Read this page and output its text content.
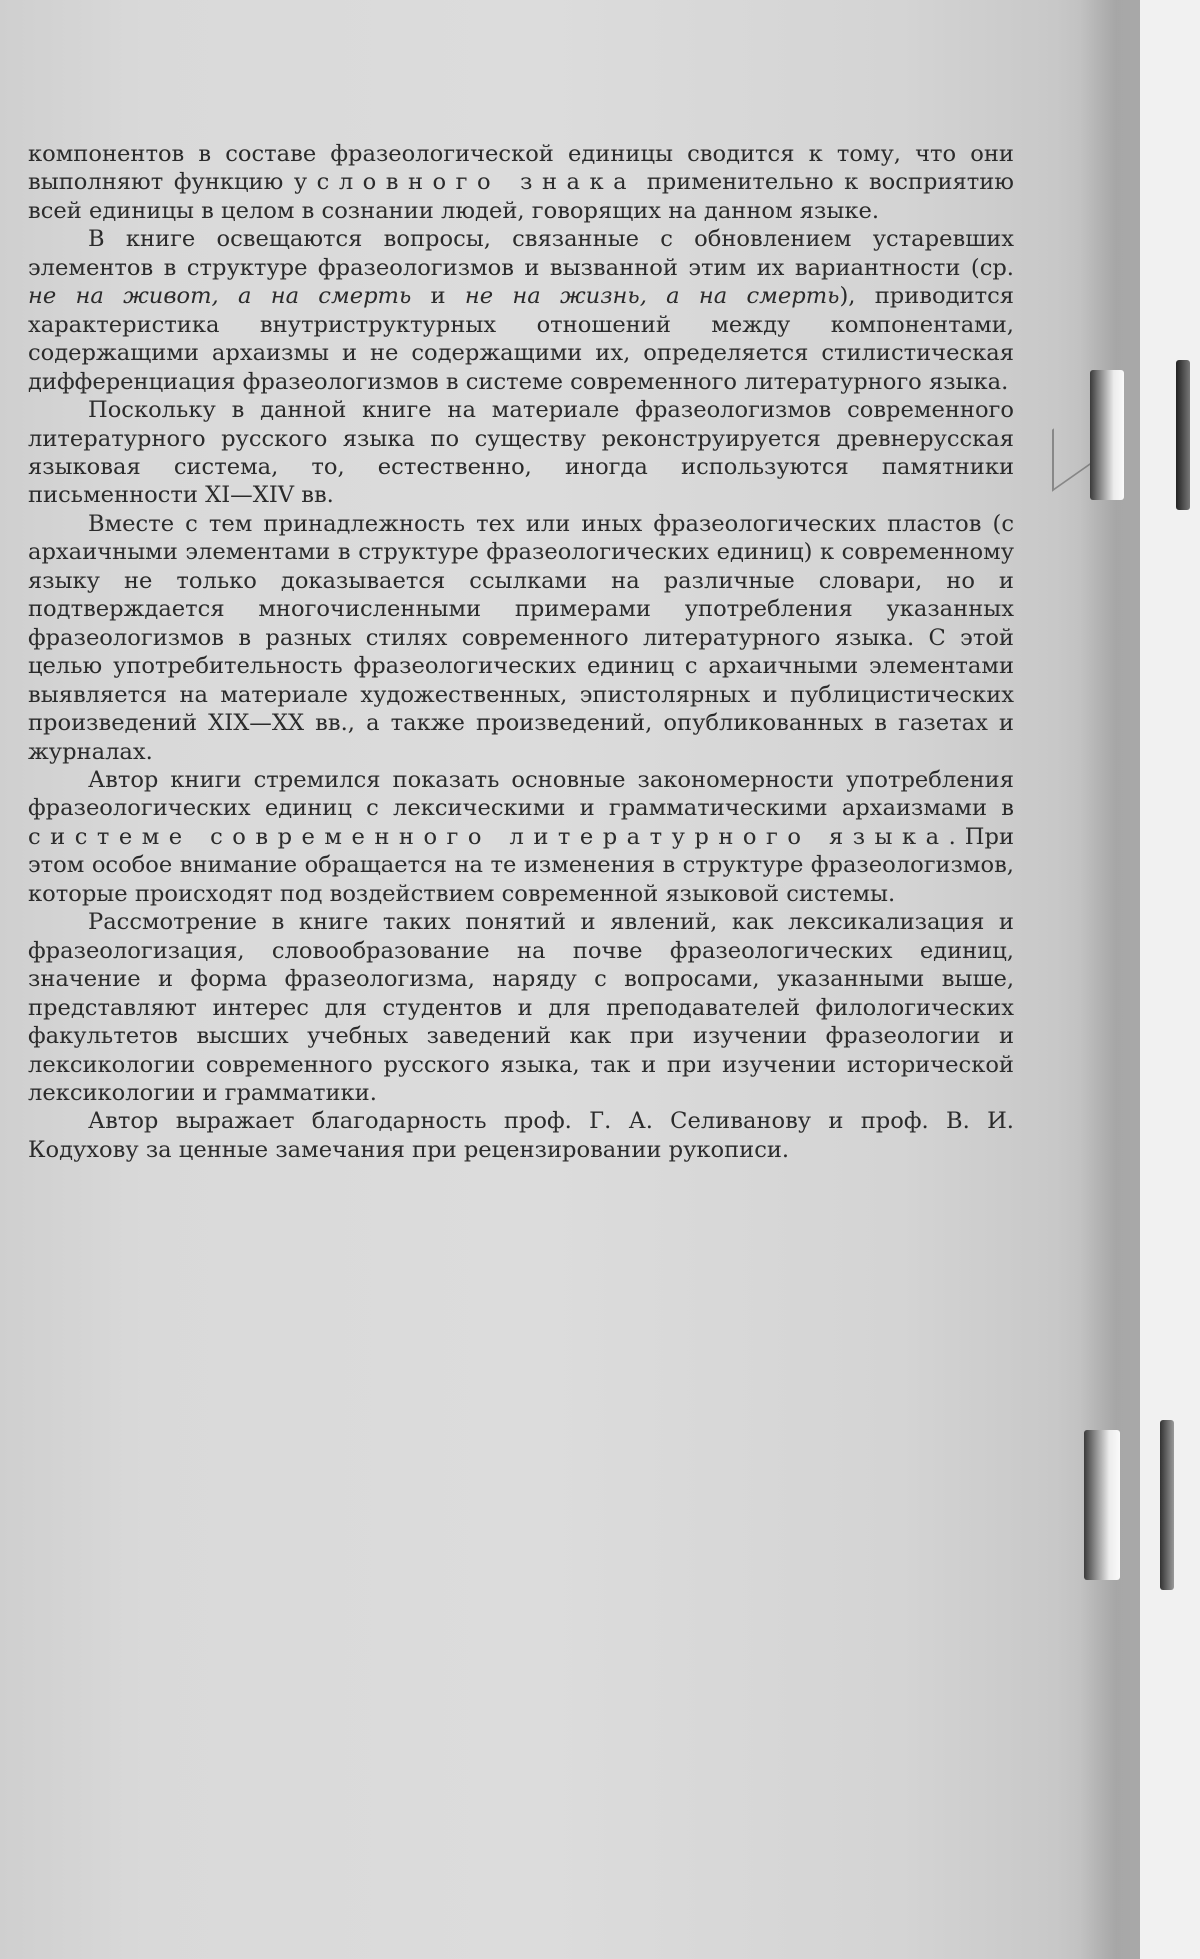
компонентов в составе фразеологической единицы сводится к тому, что они выполняют функцию условного знака применительно к восприятию всей единицы в целом в сознании людей, говорящих на данном языке.

В книге освещаются вопросы, связанные с обновлением устаревших элементов в структуре фразеологизмов и вызванной этим их вариантности (ср. не на живот, а на смерть и не на жизнь, а на смерть), приводится характеристика внутриструктурных отношений между компонентами, содержащими архаизмы и не содержащими их, определяется стилистическая дифференциация фразеологизмов в системе современного литературного языка.

Поскольку в данной книге на материале фразеологизмов современного литературного русского языка по существу реконструируется древнерусская языковая система, то, естественно, иногда используются памятники письменности XI—XIV вв.

Вместе с тем принадлежность тех или иных фразеологических пластов (с архаичными элементами в структуре фразеологических единиц) к современному языку не только доказывается ссылками на различные словари, но и подтверждается многочисленными примерами употребления указанных фразеологизмов в разных стилях современного литературного языка. С этой целью употребительность фразеологических единиц с архаичными элементами выявляется на материале художественных, эпистолярных и публицистических произведений XIX—XX вв., а также произведений, опубликованных в газетах и журналах.

Автор книги стремился показать основные закономерности употребления фразеологических единиц с лексическими и грамматическими архаизмами в системе современного литературного языка. При этом особое внимание обращается на те изменения в структуре фразеологизмов, которые происходят под воздействием современной языковой системы.

Рассмотрение в книге таких понятий и явлений, как лексикализация и фразеологизация, словообразование на почве фразеологических единиц, значение и форма фразеологизма, наряду с вопросами, указанными выше, представляют интерес для студентов и для преподавателей филологических факультетов высших учебных заведений как при изучении фразеологии и лексикологии современного русского языка, так и при изучении исторической лексикологии и грамматики.

Автор выражает благодарность проф. Г. А. Селиванову и проф. В. И. Кодухову за ценные замечания при рецензировании рукописи.
